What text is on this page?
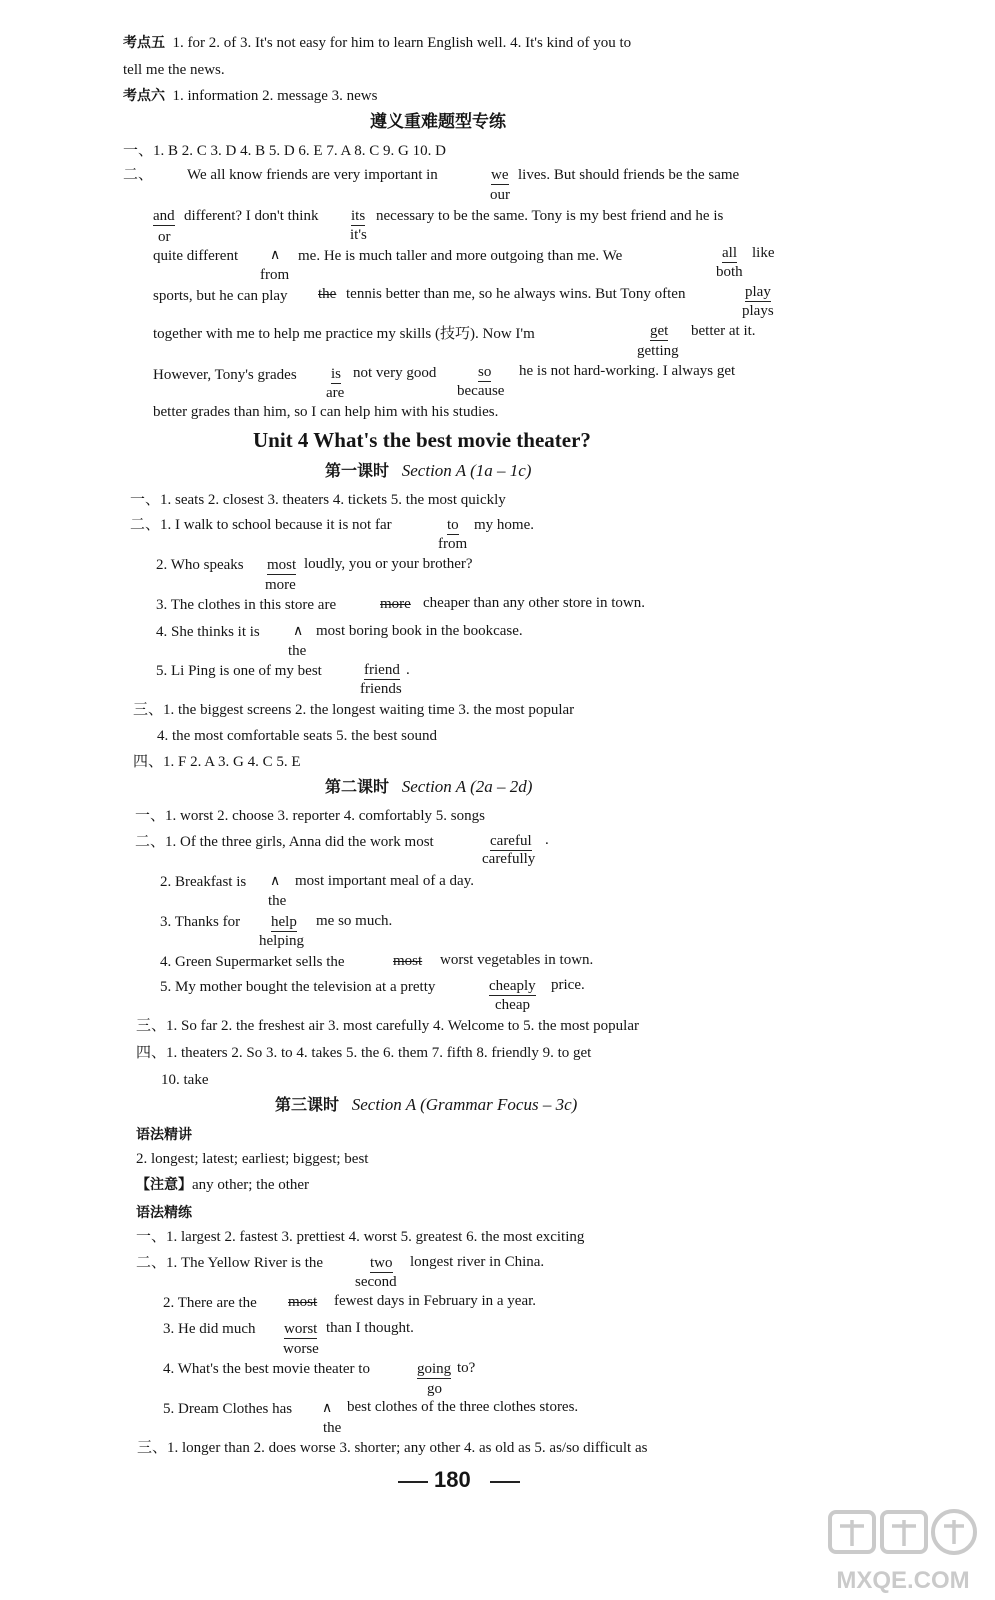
考点五 1. for 2. of 3. It's not easy for him to learn English well. 4. It's kind of you to
tell me the news.
考点六 1. information 2. message 3. news
遵义重难题型专练
一、1. B 2. C 3. D 4. B 5. D 6. E 7. A 8. C 9. G 10. D
二、 We all know friends are very important in	we lives. But should friends be the same
our
and different? I don't think its necessary to be the same. Tony is my best friend and he is
or	it's
quite different ∧ me. He is much taller and more outgoing than me. We	all like
from	both
sports, but he can play the tennis better than me, so he always wins. But Tony often	play
plays
together with me to help me practice my skills (技巧). Now I'm	get better at it.
getting
However, Tony's grades is not very good	so he is not hard-working. I always get
are	because
better grades than him, so I can help him with his studies.
Unit 4 What's the best movie theater?
第一课时 Section A (1a – 1c)
一、1. seats 2. closest 3. theaters 4. tickets 5. the most quickly
二、1. I walk to school because it is not far	to my home.
from
2. Who speaks most loudly, you or your brother?
more
3. The clothes in this store are	more cheaper than any other store in town.
4. She thinks it is ∧ most boring book in the bookcase.
the
5. Li Ping is one of my best	friend .
friends
三、1. the biggest screens 2. the longest waiting time 3. the most popular
4. the most comfortable seats 5. the best sound
四、1. F 2. A 3. G 4. C 5. E
第二课时 Section A (2a – 2d)
一、1. worst 2. choose 3. reporter 4. comfortably 5. songs
二、1. Of the three girls, Anna did the work most	careful .
carefully
2. Breakfast is ∧ most important meal of a day.
the
3. Thanks for help me so much.
helping
4. Green Supermarket sells the	most worst vegetables in town.
5. My mother bought the television at a pretty	cheaply price.
cheap
三、1. So far 2. the freshest air 3. most carefully 4. Welcome to 5. the most popular
四、1. theaters 2. So 3. to 4. takes 5. the 6. them 7. fifth 8. friendly 9. to get
10. take
第三课时 Section A (Grammar Focus – 3c)
语法精讲
2. longest; latest; earliest; biggest; best
【注意】any other; the other
语法精练
一、1. largest 2. fastest 3. prettiest 4. worst 5. greatest 6. the most exciting
二、1. The Yellow River is the	two longest river in China.
second
2. There are the most fewest days in February in a year.
3. He did much worst than I thought.
worse
4. What's the best movie theater to	going to?
go
5. Dream Clothes has ∧ best clothes of the three clothes stores.
the
三、1. longer than 2. does worse 3. shorter; any other 4. as old as 5. as/so difficult as
180
MXQE.COM
